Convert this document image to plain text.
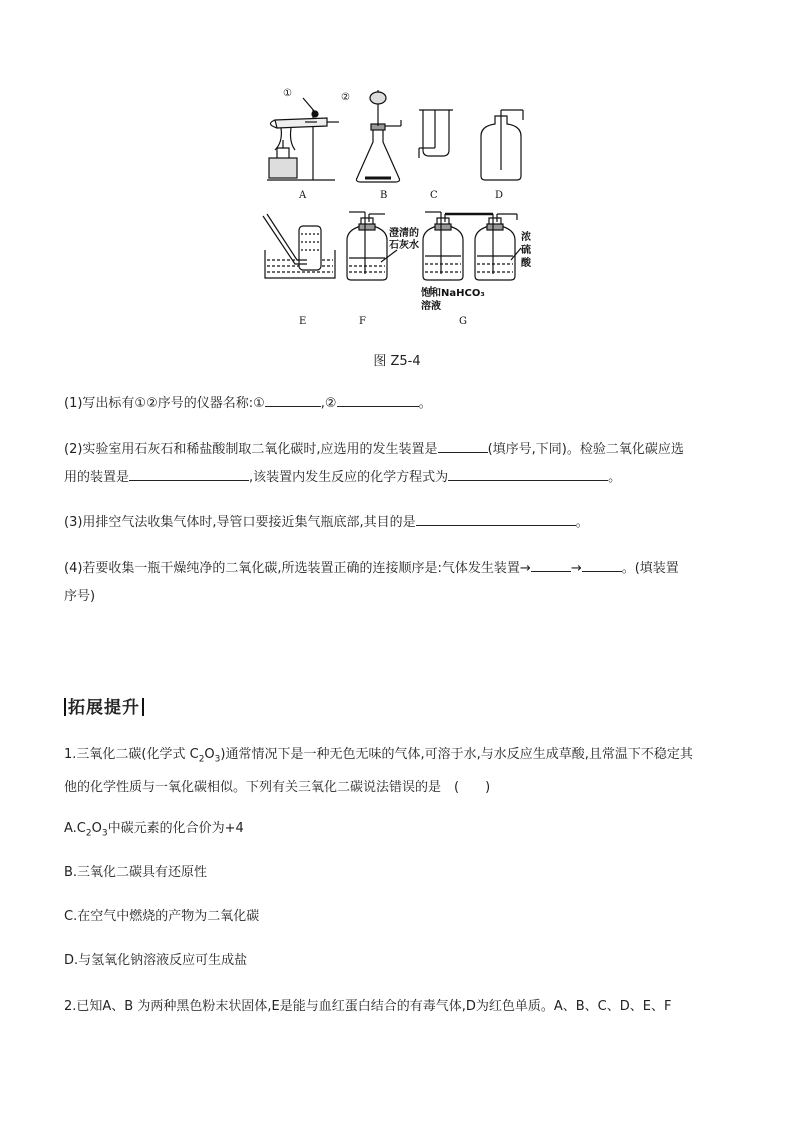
①	②
A	B	C	D
E	F	G
澄清的
石灰水
饱和NaHCO₃
溶液
浓
硫
酸
图 Z5-4
(1)写出标有①②序号的仪器名称:①	,②	。
(2)实验室用石灰石和稀盐酸制取二氧化碳时,应选用的发生装置是	(填序号,下同)。检验二氧化碳应选
用的装置是	,该装置内发生反应的化学方程式为	。
(3)用排空气法收集气体时,导管口要接近集气瓶底部,其目的是	。
(4)若要收集一瓶干燥纯净的二氧化碳,所选装置正确的连接顺序是:气体发生装置→	→	。(填装置
序号)
拓展提升
1.三氧化二碳(化学式 $C_2O_3$)通常情况下是一种无色无味的气体,可溶于水,与水反应生成草酸,且常温下不稳定其
他的化学性质与一氧化碳相似。下列有关三氧化二碳说法错误的是　(　　)
$A.C_2O_3$中碳元素的化合价为+4
B.三氧化二碳具有还原性
C.在空气中燃烧的产物为二氧化碳
D.与氢氧化钠溶液反应可生成盐
2.已知A、B 为两种黑色粉末状固体,E是能与血红蛋白结合的有毒气体,D为红色单质。A、B、C、D、E、F
